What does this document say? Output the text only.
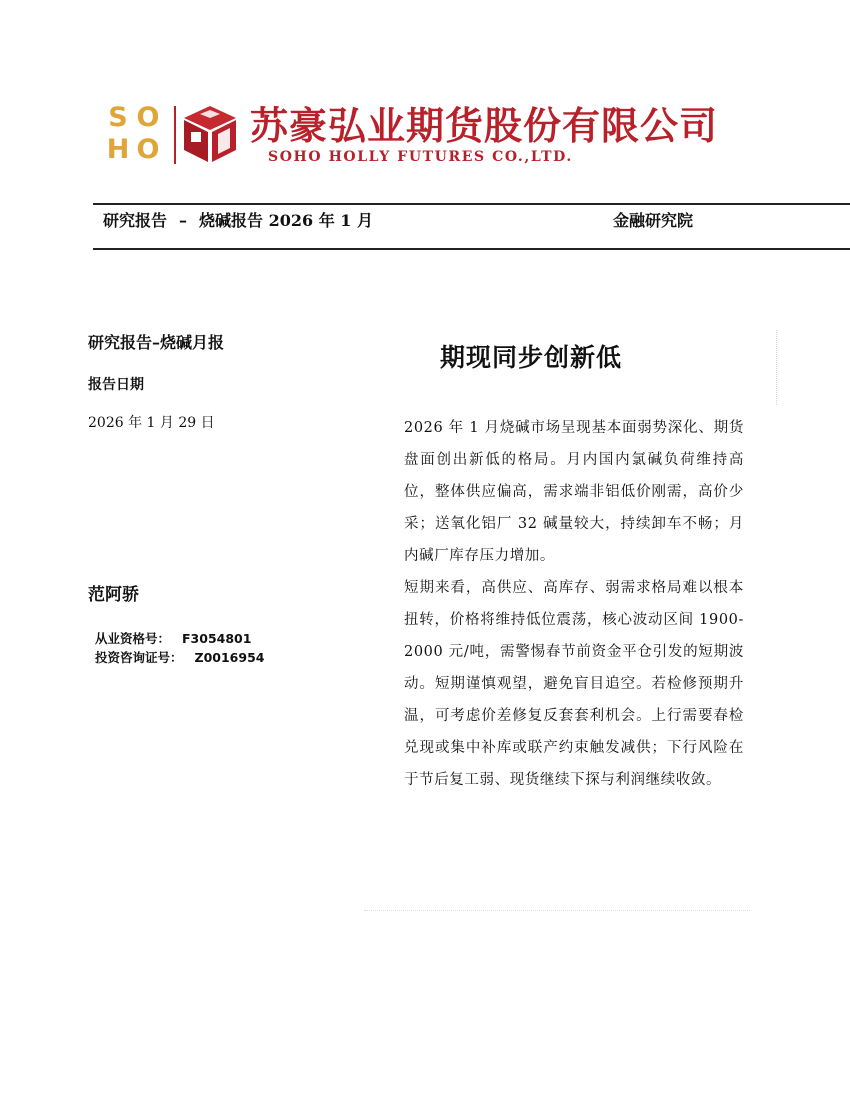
S O
H O
苏豪弘业期货股份有限公司
SOHO HOLLY FUTURES CO.,LTD.
研究报告 – 烧碱报告 2026 年 1 月	金融研究院
研究报告–烧碱月报
报告日期
2026 年 1 月 29 日
范阿骄
从业资格号： F3054801
投资咨询证号： Z0016954
期现同步创新低

2026 年 1 月烧碱市场呈现基本面弱势深化、期货盘面创出新低的格局。月内国内氯碱负荷维持高位，整体供应偏高，需求端非铝低价刚需，高价少采；送氧化铝厂 32 碱量较大，持续卸车不畅；月内碱厂库存压力增加。

短期来看，高供应、高库存、弱需求格局难以根本扭转，价格将维持低位震荡，核心波动区间 1900-2000 元/吨，需警惕春节前资金平仓引发的短期波动。短期谨慎观望，避免盲目追空。若检修预期升温，可考虑价差修复反套套利机会。上行需要春检兑现或集中补库或联产约束触发减供；下行风险在于节后复工弱、现货继续下探与利润继续收敛。
